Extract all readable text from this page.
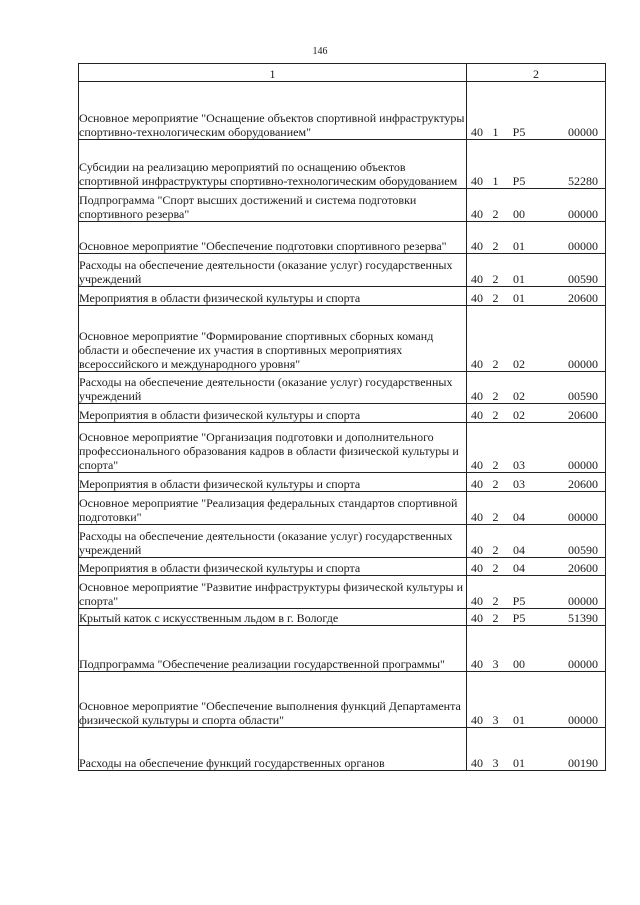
146
1	2
Основное мероприятие "Оснащение объектов спортивной инфраструктуры спортивно-технологическим оборудованием"	40 1 P5 00000

Субсидии на реализацию мероприятий по оснащению объектов спортивной инфраструктуры спортивно-технологическим оборудованием	40 1 P5 52280

Подпрограмма "Спорт высших достижений и система подготовки спортивного резерва"	40 2 00 00000

Основное мероприятие "Обеспечение подготовки спортивного резерва"	40 2 01 00000

Расходы на обеспечение деятельности (оказание услуг) государственных учреждений	40 2 01 00590

Мероприятия в области физической культуры и спорта	40 2 01 20600

Основное мероприятие "Формирование спортивных сборных команд области и обеспечение их участия в спортивных мероприятиях всероссийского и международного уровня"	40 2 02 00000

Расходы на обеспечение деятельности (оказание услуг) государственных учреждений	40 2 02 00590

Мероприятия в области физической культуры и спорта	40 2 02 20600

Основное мероприятие "Организация подготовки и дополнительного профессионального образования кадров в области физической культуры и спорта"	40 2 03 00000

Мероприятия в области физической культуры и спорта	40 2 03 20600

Основное мероприятие "Реализация федеральных стандартов спортивной подготовки"	40 2 04 00000

Расходы на обеспечение деятельности (оказание услуг) государственных учреждений	40 2 04 00590

Мероприятия в области физической культуры и спорта	40 2 04 20600

Основное мероприятие "Развитие инфраструктуры физической культуры и спорта"	40 2 P5 00000

Крытый каток с искусственным льдом в г. Вологде	40 2 P5 51390

Подпрограмма "Обеспечение реализации государственной программы"	40 3 00 00000

Основное мероприятие "Обеспечение выполнения функций Департамента физической культуры и спорта области"	40 3 01 00000

Расходы на обеспечение функций государственных органов	40 3 01 00190
